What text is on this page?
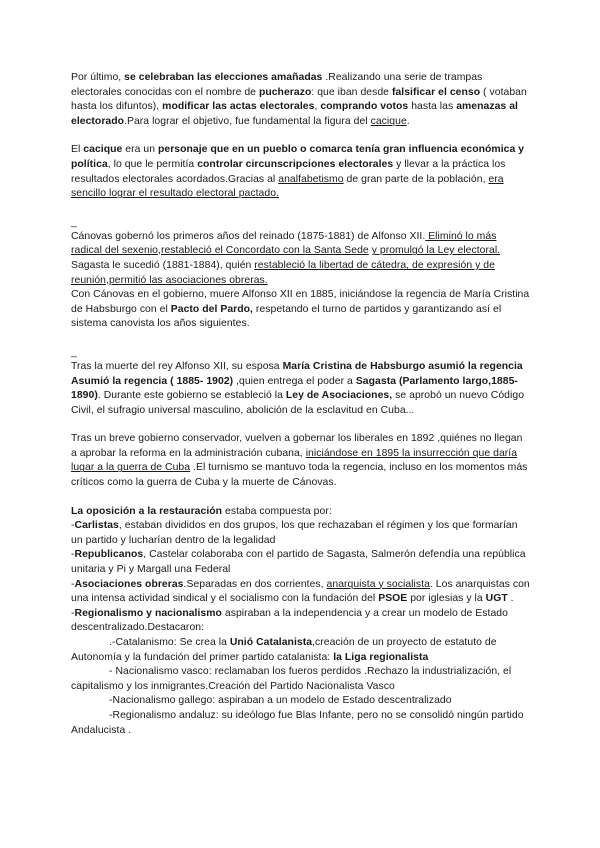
Por último, se celebraban las elecciones amañadas .Realizando una serie de trampas electorales conocidas con el nombre de pucherazo: que iban desde falsificar el censo ( votaban hasta los difuntos), modificar las actas electorales, comprando votos hasta las amenazas al electorado.Para lograr el objetivo, fue fundamental la figura del cacique.

El cacique era un personaje que en un pueblo o comarca tenía gran influencia económica y política, lo que le permitía controlar circunscripciones electorales y llevar a la práctica los resultados electorales acordados.Gracias al analfabetismo de gran parte de la población, era sencillo lograr el resultado electoral pactado.

_

Cánovas gobernó los primeros años del reinado (1875-1881) de Alfonso XII. Eliminó lo más radical del sexenio,restableció el Concordato con la Santa Sede y promulgó la Ley electoral. Sagasta le sucedió (1881-1884), quién restableció la libertad de cátedra, de expresión y de reunión,permitió las asociaciones obreras.

Con Cánovas en el gobierno, muere Alfonso XII en 1885, iniciándose la regencia de María Cristina de Habsburgo con el Pacto del Pardo, respetando el turno de partidos y garantizando así el sistema canovista los años siguientes.

_

Tras la muerte del rey Alfonso XII, su esposa María Cristina de Habsburgo asumió la regencia Asumió la regencia ( 1885- 1902) ,quien entrega el poder a Sagasta (Parlamento largo,1885- 1890). Durante este gobierno se estableció la Ley de Asociaciones, se aprobó un nuevo Código Civil, el sufragio universal masculino, abolición de la esclavitud en Cuba...

Tras un breve gobierno conservador, vuelven a gobernar los liberales en 1892 ,quiénes no llegan a aprobar la reforma en la administración cubana, iniciándose en 1895 la insurrección que daría lugar a la guerra de Cuba .El turnismo se mantuvo toda la regencia, incluso en los momentos más críticos como la guerra de Cuba y la muerte de Cánovas.

La oposición a la restauración estaba compuesta por:

-Carlistas, estaban divididos en dos grupos, los que rechazaban el régimen y los que formarían un partido y lucharían dentro de la legalidad

-Republicanos, Castelar colaboraba con el partido de Sagasta, Salmerón defendía una república unitaria y Pi y Margall una Federal

-Asociaciones obreras.Separadas en dos corrientes, anarquista y socialista. Los anarquistas con una intensa actividad sindical y el socialismo con la fundación del PSOE por iglesias y la UGT .

-Regionalismo y nacionalismo aspiraban a la independencia y a crear un modelo de Estado descentralizado.Destacaron:

.-Catalanismo: Se crea la Unió Catalanista,creación de un proyecto de estatuto de Autonomía y la fundación del primer partido catalanista: la Liga regionalista

- Nacionalismo vasco: reclamaban los fueros perdidos .Rechazo la industrialización, el capitalismo y los inmigrantes.Creación del Partido Nacionalista Vasco

-Nacionalismo gallego: aspiraban a un modelo de Estado descentralizado

-Regionalismo andaluz: su ideólogo fue Blas Infante, pero no se consolidó ningún partido Andalucista .
